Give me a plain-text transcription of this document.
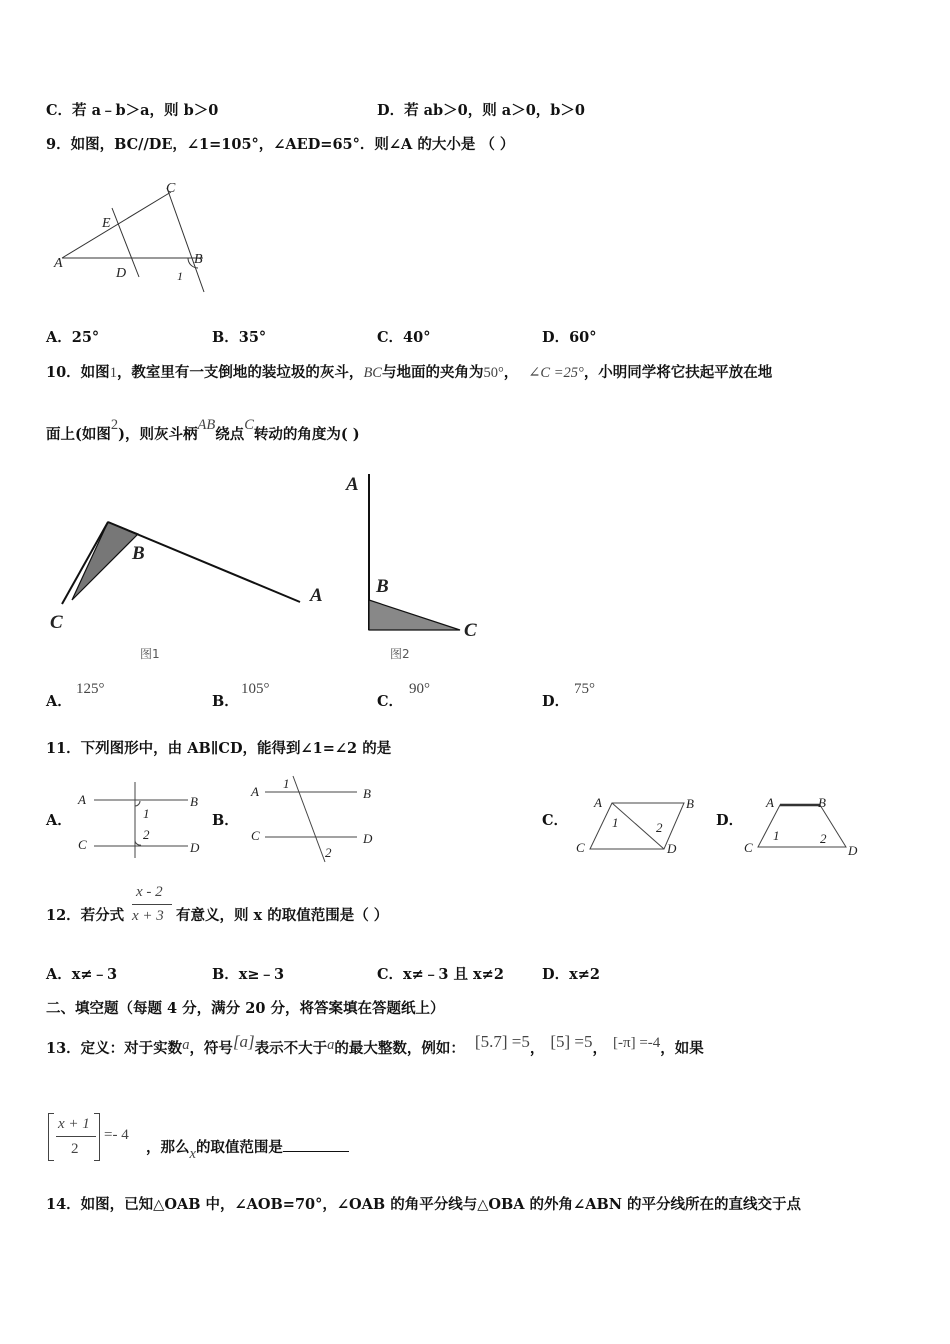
C．若 a﹣b＞a，则 b＞0	D．若 ab＞0，则 a＞0，b＞0
9．如图，BC//DE，∠1=105°，∠AED=65°．则∠A 的大小是 （ ）
A
C
E
D
B
1
A．25°	B．35°	C．40°	D．60°
10．如图1，教室里有一支倒地的装垃圾的灰斗，BC与地面的夹角为50°， ∠C =25°，小明同学将它扶起平放在地
面上(如图2)，则灰斗柄AB绕点C转动的角度为( )
C
B
A
图1
A
B
C
图2
A．
125°
B．
105°
C．
90°
D．
75°
11．下列图形中，由 AB∥CD，能得到∠1=∠2 的是
A．
A	B
C	D
1
2
B．
A	B
C	D
1
2
C．
A	B
C	D
1	2	D．
A	B
C	D
1	2
12．若分式
x - 2
x + 3 有意义，则 x 的取值范围是（ ）
A．x≠﹣3	B．x≥﹣3	C．x≠﹣3 且 x≠2	D．x≠2
二、填空题（每题 4 分，满分 20 分，将答案填在答题纸上）
13．定义：对于实数a，符号[a]表示不大于a的最大整数，例如： [5.7] =5， [5] =5， [-π] =-4，如果
x + 1
2
=- 4
，那么x的取值范围是
14．如图，已知△OAB 中，∠AOB=70°，∠OAB 的角平分线与△OBA 的外角∠ABN 的平分线所在的直线交于点
